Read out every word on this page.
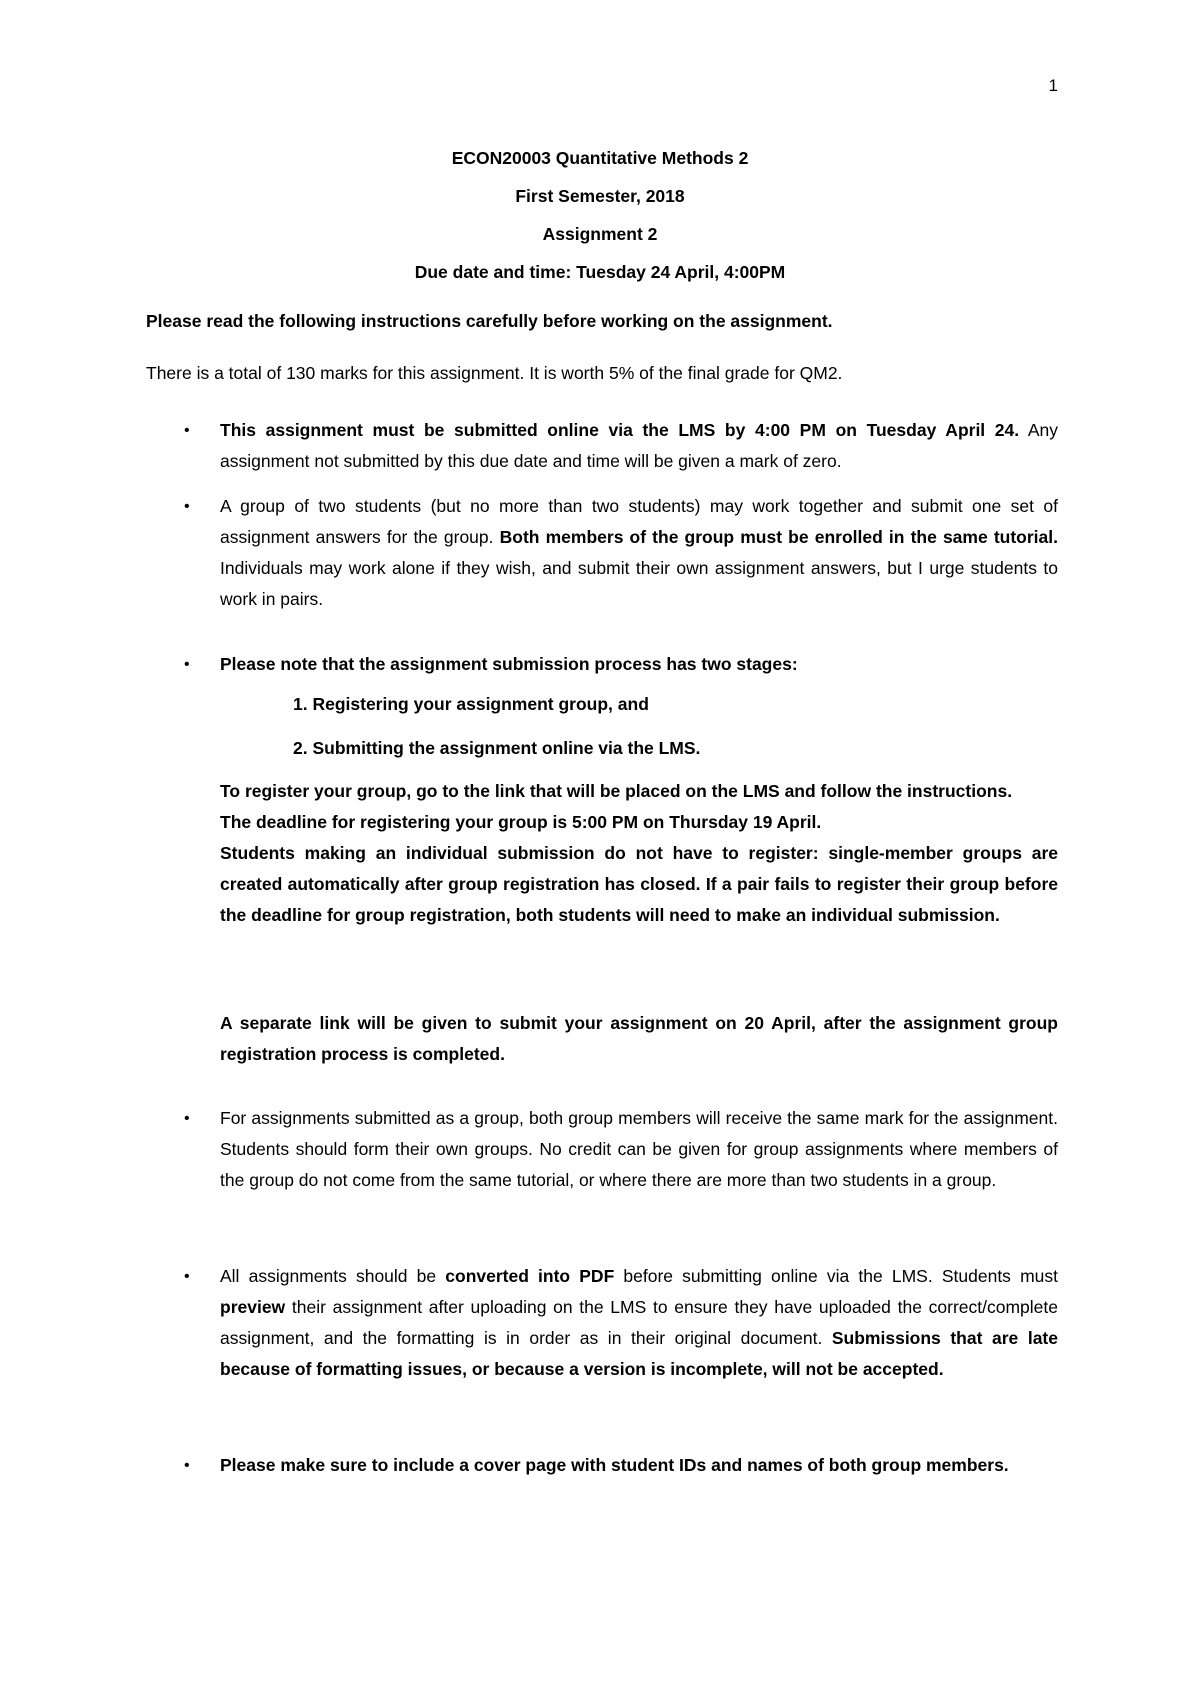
1
ECON20003 Quantitative Methods 2
First Semester, 2018
Assignment 2
Due date and time: Tuesday 24 April, 4:00PM
Please read the following instructions carefully before working on the assignment.
There is a total of 130 marks for this assignment. It is worth 5% of the final grade for QM2.
• This assignment must be submitted online via the LMS by 4:00 PM on Tuesday April 24. Any assignment not submitted by this due date and time will be given a mark of zero.
• A group of two students (but no more than two students) may work together and submit one set of assignment answers for the group. Both members of the group must be enrolled in the same tutorial. Individuals may work alone if they wish, and submit their own assignment answers, but I urge students to work in pairs.
• Please note that the assignment submission process has two stages:
1. Registering your assignment group, and
2. Submitting the assignment online via the LMS.
To register your group, go to the link that will be placed on the LMS and follow the instructions.
The deadline for registering your group is 5:00 PM on Thursday 19 April.
Students making an individual submission do not have to register: single-member groups are created automatically after group registration has closed. If a pair fails to register their group before the deadline for group registration, both students will need to make an individual submission.
A separate link will be given to submit your assignment on 20 April, after the assignment group registration process is completed.
• For assignments submitted as a group, both group members will receive the same mark for the assignment. Students should form their own groups. No credit can be given for group assignments where members of the group do not come from the same tutorial, or where there are more than two students in a group.
• All assignments should be converted into PDF before submitting online via the LMS. Students must preview their assignment after uploading on the LMS to ensure they have uploaded the correct/complete assignment, and the formatting is in order as in their original document. Submissions that are late because of formatting issues, or because a version is incomplete, will not be accepted.
• Please make sure to include a cover page with student IDs and names of both group members.
